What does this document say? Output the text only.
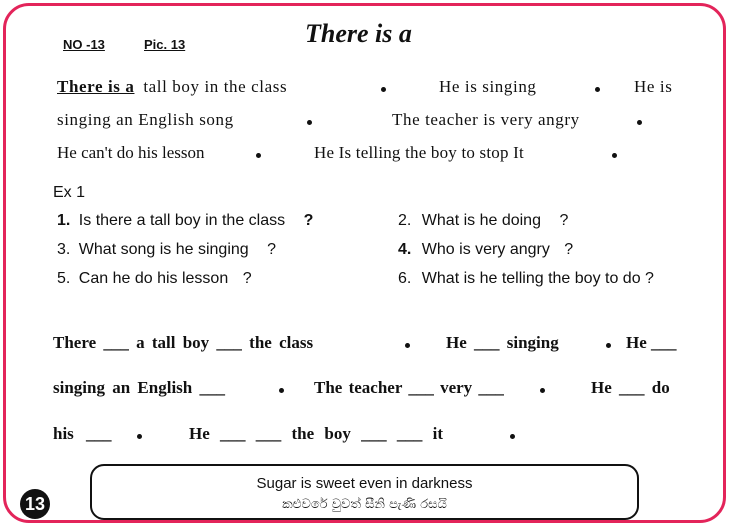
NO -13	Pic. 13	There is a
There is a tall boy in the class	He is singing	He is
singing an English song	The teacher is very angry
He can't do his lesson	He Is telling the boy to stop It
Ex 1
1. Is there a tall boy in the class ?	2. What is he doing ?
3. What song is he singing ?	4. Who is very angry ?
5. Can he do his lesson ?	6. What is he telling the boy to do ?
There ___ a tall boy ___ the class	He ___ singing	He ___
singing an English ___	The teacher ___ very ___	He ___ do
his ___	He ___ ___ the boy ___ ___ it
Sugar is sweet even in darkness
කළුවරේ වුවත් සීනි පැණි රසයි
13
